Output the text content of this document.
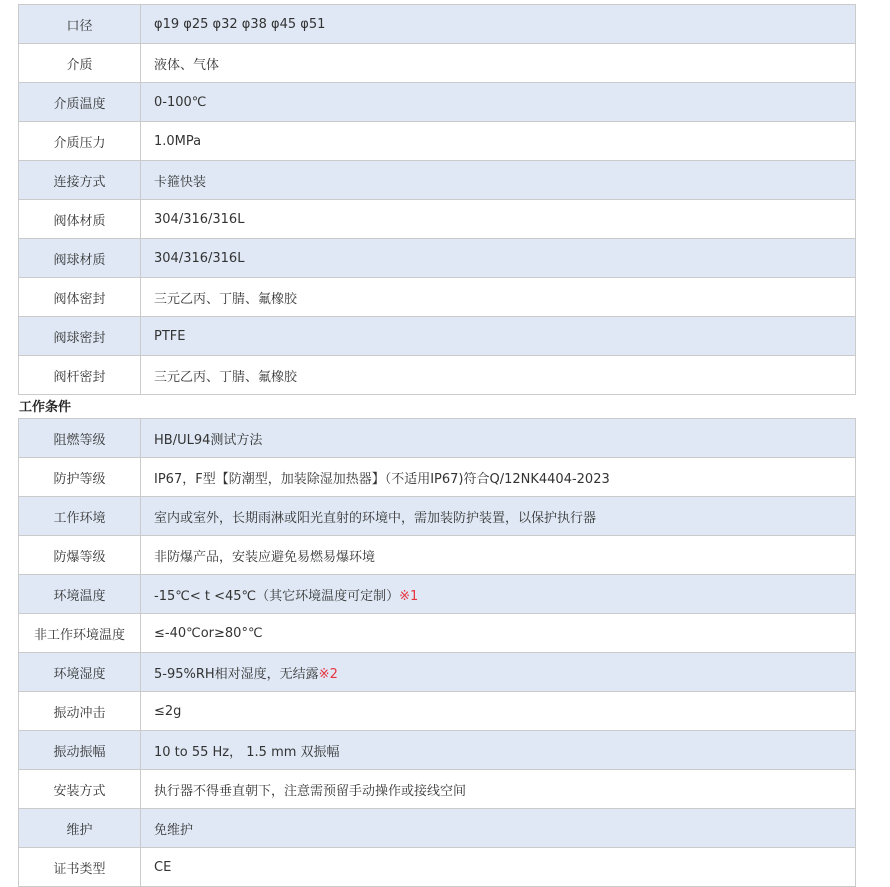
口径	φ19 φ25 φ32 φ38 φ45 φ51
介质	液体、气体
介质温度	0-100℃
介质压力	1.0MPa
连接方式	卡箍快装
阀体材质	304/316/316L
阀球材质	304/316/316L
阀体密封	三元乙丙、丁腈、氟橡胶
阀球密封	PTFE
阀杆密封	三元乙丙、丁腈、氟橡胶
工作条件
阻燃等级	HB/UL94测试方法
防护等级	IP67，F型【防潮型，加装除湿加热器】（不适用IP67)符合Q/12NK4404-2023
工作环境	室内或室外，长期雨淋或阳光直射的环境中，需加装防护装置，以保护执行器
防爆等级	非防爆产品，安装应避免易燃易爆环境
环境温度	-15℃< t <45℃（其它环境温度可定制）※1
非工作环境温度	≤-40℃or≥80°℃
环境湿度	5-95%RH相对湿度，无结露※2
振动冲击	≤2g
振动振幅	10 to 55 Hz， 1.5 mm 双振幅
安装方式	执行器不得垂直朝下，注意需预留手动操作或接线空间
维护	免维护
证书类型	CE
